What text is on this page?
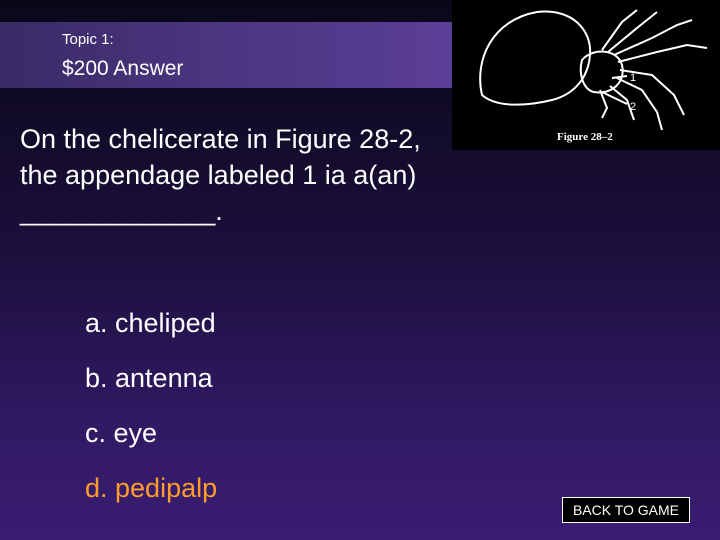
Topic 1:
$200 Answer	1
2
Figure 28–2
On the chelicerate in Figure 28-2, the appendage labeled 1 ia a(an) _____________.
a. cheliped
b. antenna
c. eye
d. pedipalp
BACK TO GAME
